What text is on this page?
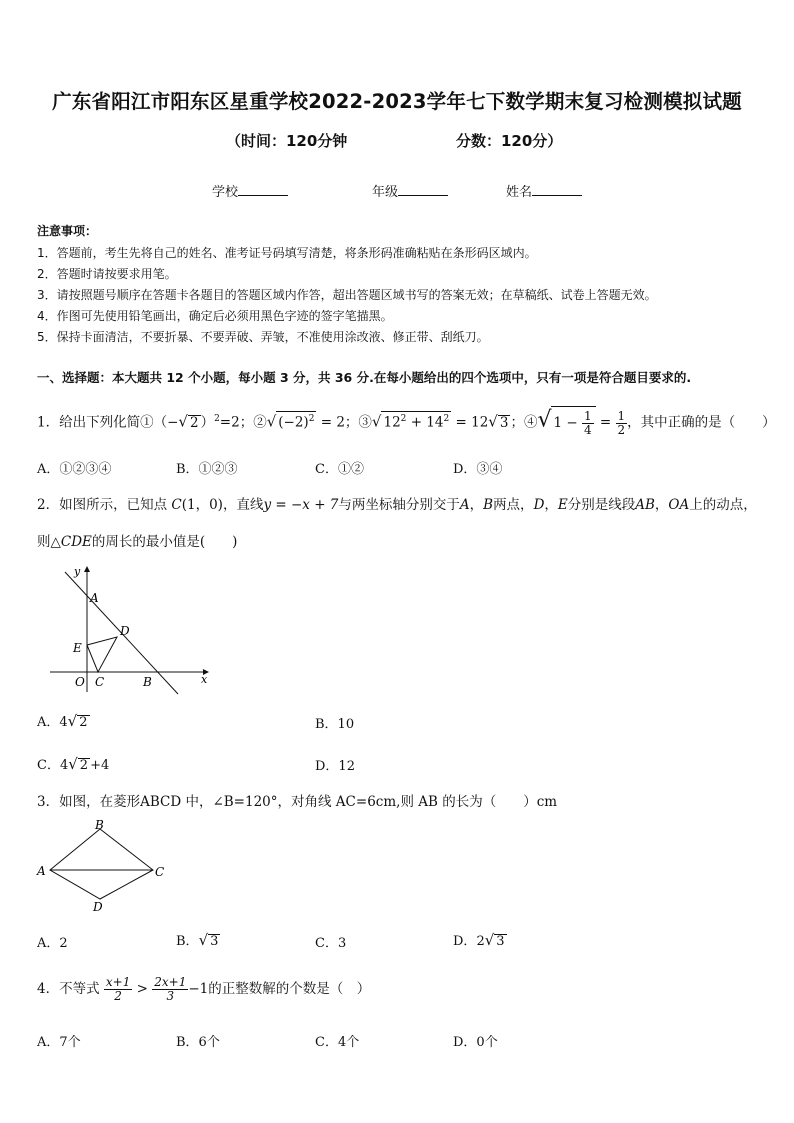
广东省阳江市阳东区星重学校2022-2023学年七下数学期末复习检测模拟试题
（时间：120分钟	分数：120分）
学校	年级	姓名
注意事项：
1．答题前，考生先将自己的姓名、准考证号码填写清楚，将条形码准确粘贴在条形码区域内。
2．答题时请按要求用笔。
3．请按照题号顺序在答题卡各题目的答题区域内作答，超出答题区域书写的答案无效；在草稿纸、试卷上答题无效。
4．作图可先使用铅笔画出，确定后必须用黑色字迹的签字笔描黑。
5．保持卡面清洁，不要折暴、不要弄破、弄皱，不准使用涂改液、修正带、刮纸刀。
一、选择题：本大题共 12 个小题，每小题 3 分，共 36 分.在每小题给出的四个选项中，只有一项是符合题目要求的.
1．给出下列化简①（−√ 2 ）$^2$=2；②√ $(-2)^2 = 2$；③√ $12^2 + 14^2 = 12√$ 3 ；④√ $1 - \frac{1}{4} = \frac{1}{2}$ ，其中正确的是（　　）
A．①②③④	B．①②③	C．①②	D．③④
2．如图所示，已知点 C(1，0)，直线y = −x + 7与两坐标轴分别交于A，B两点，D，E分别是线段AB，OA上的动点，
则△CDE的周长的最小值是(　　)
y
x
A
B
C
D
E
O
A．4√ 2	B．10
C．4√ 2 +4	D．12
3．如图，在菱形ABCD 中，∠B=120°，对角线 AC=6cm,则 AB 的长为（　　）cm
B
A	C
D
A．2	B．√ 3	C．3	D．2√ 3
4．不等式 $\frac{x+1}{2} > \frac{2x+1}{3} -1$的正整数解的个数是（　）
A．7个	B．6个	C．4个	D．0个
